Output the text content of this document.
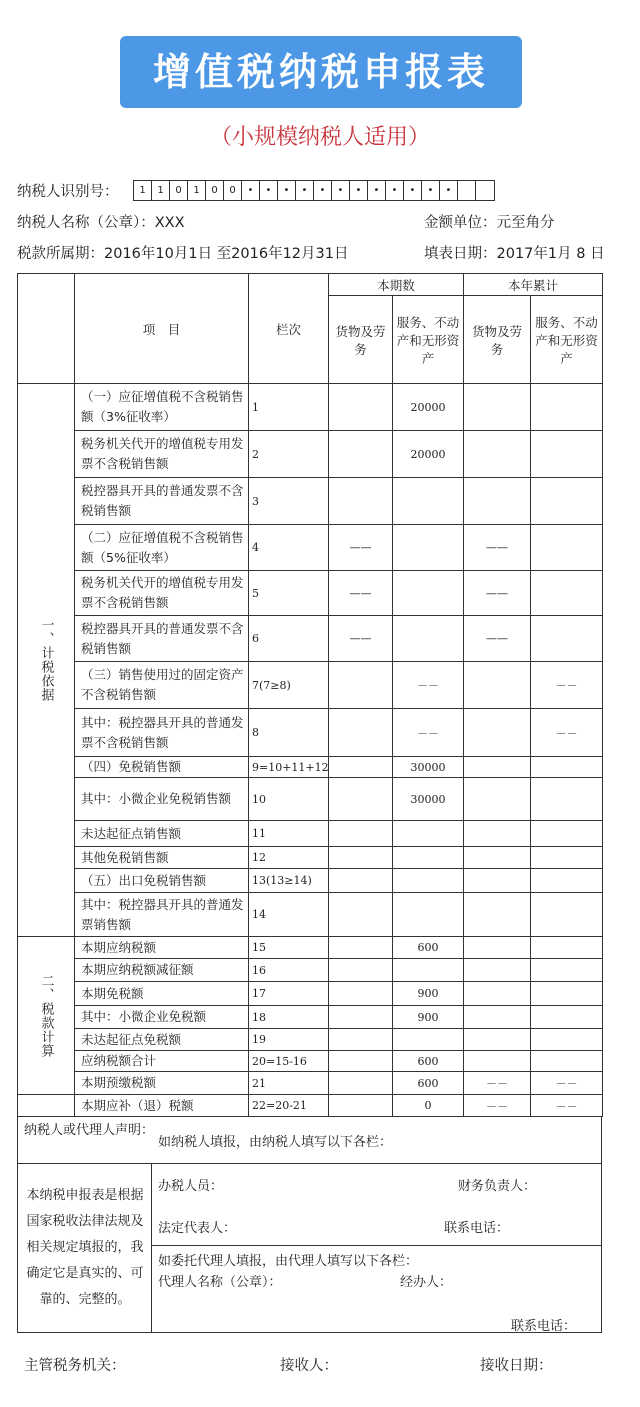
增值税纳税申报表
（小规模纳税人适用）
纳税人识别号：	1	1	0	1	0	0	•	•	•	•	•	•	•	•	•	•	•	•
纳税人名称（公章）：XXX	金额单位：元至角分
税款所属期：2016年10月1日 至2016年12月31日	填表日期：2017年1月 8 日
	项　目	栏次	本期数		本年累计	
			货物及劳务	服务、不动产和无形资产	货物及劳务	服务、不动产和无形资产

一、计税依据	（一）应征增值税不含税销售额（3%征收率）	1		20000		
	税务机关代开的增值税专用发票不含税销售额	2		20000		
	税控器具开具的普通发票不含税销售额	3				
	（二）应征增值税不含税销售额（5%征收率）	4	——		——	
	税务机关代开的增值税专用发票不含税销售额	5	——		——	
	税控器具开具的普通发票不含税销售额	6	——		——	
	（三）销售使用过的固定资产不含税销售额	7(7≥8)		－－		－－
	其中：税控器具开具的普通发票不含税销售额	8		－－		－－
	（四）免税销售额	9=10+11+12		30000		
	其中：小微企业免税销售额	10		30000		
	未达起征点销售额	11				
	其他免税销售额	12				
	（五）出口免税销售额	13(13≥14)				
	其中：税控器具开具的普通发票销售额	14				

二、税款计算	本期应纳税额	15		600		
	本期应纳税额减征额	16				
	本期免税额	17		900		
	其中：小微企业免税额	18		900		
	未达起征点免税额	19				
	应纳税额合计	20=15-16		600		
	本期预缴税额	21		600	－－	－－
	本期应补（退）税额	22=20-21		0	－－	－－
纳税人或代理人声明：
如纳税人填报，由纳税人填写以下各栏：
本纳税申报表是根据国家税收法律法规及相关规定填报的，我确定它是真实的、可靠的、完整的。
办税人员：	财务负责人：
法定代表人：	联系电话：
如委托代理人填报，由代理人填写以下各栏：
代理人名称（公章）：	经办人：
联系电话：
主管税务机关：	接收人：	接收日期：
